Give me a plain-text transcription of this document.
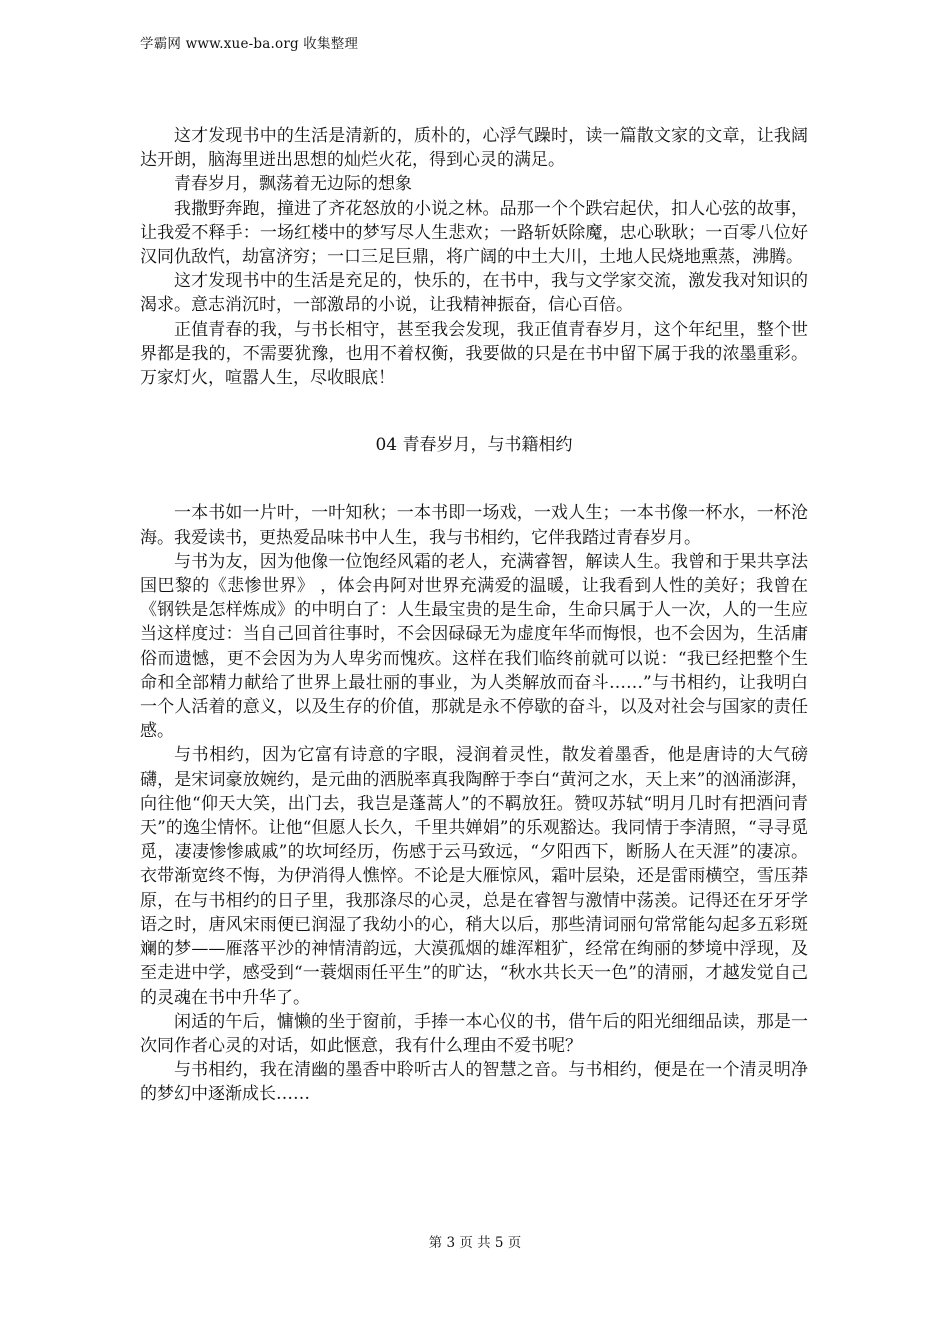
学霸网 www.xue-ba.org 收集整理

这才发现书中的生活是清新的，质朴的，心浮气躁时，读一篇散文家的文章，让我阔达开朗，脑海里迸出思想的灿烂火花，得到心灵的满足。

青春岁月，飘荡着无边际的想象

我撒野奔跑，撞进了齐花怒放的小说之林。品那一个个跌宕起伏，扣人心弦的故事，让我爱不释手：一场红楼中的梦写尽人生悲欢；一路斩妖除魔，忠心耿耿；一百零八位好汉同仇敌忾，劫富济穷；一口三足巨鼎，将广阔的中土大川，土地人民烧地熏蒸，沸腾。

这才发现书中的生活是充足的，快乐的，在书中，我与文学家交流，激发我对知识的渴求。意志消沉时，一部激昂的小说，让我精神振奋，信心百倍。

正值青春的我，与书长相守，甚至我会发现，我正值青春岁月，这个年纪里，整个世界都是我的，不需要犹豫，也用不着权衡，我要做的只是在书中留下属于我的浓墨重彩。万家灯火，喧嚣人生，尽收眼底！

04 青春岁月，与书籍相约

一本书如一片叶，一叶知秋；一本书即一场戏，一戏人生；一本书像一杯水，一杯沧海。我爱读书，更热爱品味书中人生，我与书相约，它伴我踏过青春岁月。

与书为友，因为他像一位饱经风霜的老人，充满睿智，解读人生。我曾和于果共享法国巴黎的《悲惨世界》 ，体会冉阿对世界充满爱的温暖，让我看到人性的美好；我曾在《钢铁是怎样炼成》的中明白了：人生最宝贵的是生命，生命只属于人一次，人的一生应当这样度过：当自己回首往事时，不会因碌碌无为虚度年华而悔恨，也不会因为，生活庸俗而遗憾，更不会因为为人卑劣而愧疚。这样在我们临终前就可以说：“我已经把整个生命和全部精力献给了世界上最壮丽的事业，为人类解放而奋斗……”与书相约，让我明白一个人活着的意义，以及生存的价值，那就是永不停歇的奋斗，以及对社会与国家的责任感。

与书相约，因为它富有诗意的字眼，浸润着灵性，散发着墨香，他是唐诗的大气磅礴，是宋词豪放婉约，是元曲的洒脱率真我陶醉于李白“黄河之水，天上来”的汹涌澎湃，向往他“仰天大笑，出门去，我岂是蓬蒿人”的不羁放狂。赞叹苏轼“明月几时有把酒问青天”的逸尘情怀。让他“但愿人长久，千里共婵娟”的乐观豁达。我同情于李清照，“寻寻觅觅，凄凄惨惨戚戚”的坎坷经历，伤感于云马致远，“夕阳西下，断肠人在天涯”的凄凉。衣带渐宽终不悔，为伊消得人憔悴。不论是大雁惊风，霜叶层染，还是雷雨横空，雪压莽原，在与书相约的日子里，我那涤尽的心灵，总是在睿智与激情中荡羡。记得还在牙牙学语之时，唐风宋雨便已润湿了我幼小的心，稍大以后，那些清词丽句常常能勾起多五彩斑斓的梦——雁落平沙的神情清韵远，大漠孤烟的雄浑粗犷，经常在绚丽的梦境中浮现，及至走进中学，感受到“一蓑烟雨任平生”的旷达，“秋水共长天一色”的清丽，才越发觉自己的灵魂在书中升华了。

闲适的午后，慵懒的坐于窗前，手捧一本心仪的书，借午后的阳光细细品读，那是一次同作者心灵的对话，如此惬意，我有什么理由不爱书呢？

与书相约，我在清幽的墨香中聆听古人的智慧之音。与书相约，便是在一个清灵明净的梦幻中逐渐成长……

第 3 页 共 5 页
